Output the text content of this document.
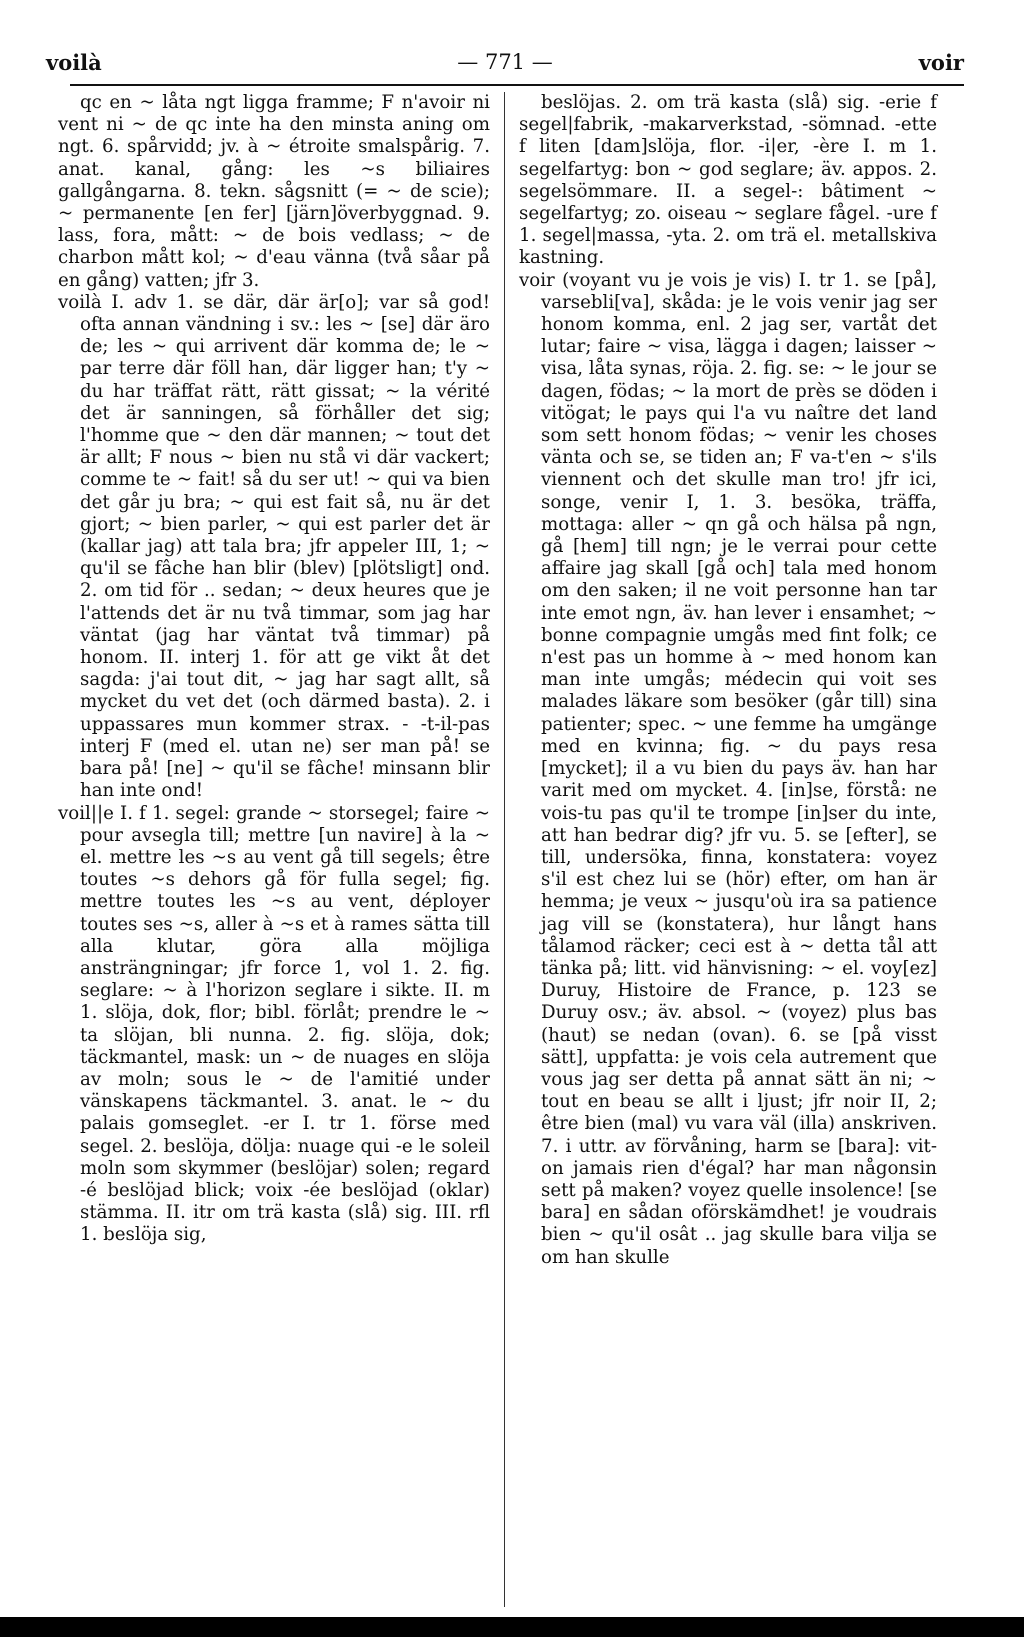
voilà	— 771 —	voir

qc en ~ låta ngt ligga framme; F n'avoir ni vent ni ~ de qc inte ha den minsta aning om ngt. 6. spårvidd; jv. à ~ étroite smalspårig. 7. anat. kanal, gång: les ~s biliaires gallgångarna. 8. tekn. sågsnitt (= ~ de scie); ~ permanente [en fer] [järn]överbyggnad. 9. lass, fora, mått: ~ de bois vedlass; ~ de charbon mått kol; ~ d'eau vänna (två såar på en gång) vatten; jfr 3.

voilà I. adv 1. se där, där är[o]; var så god! ofta annan vändning i sv.: les ~ [se] där äro de; les ~ qui arrivent där komma de; le ~ par terre där föll han, där ligger han; t'y ~ du har träffat rätt, rätt gissat; ~ la vérité det är sanningen, så förhåller det sig; l'homme que ~ den där mannen; ~ tout det är allt; F nous ~ bien nu stå vi där vackert; comme te ~ fait! så du ser ut! ~ qui va bien det går ju bra; ~ qui est fait så, nu är det gjort; ~ bien parler, ~ qui est parler det är (kallar jag) att tala bra; jfr appeler III, 1; ~ qu'il se fâche han blir (blev) [plötsligt] ond. 2. om tid för .. sedan; ~ deux heures que je l'attends det är nu två timmar, som jag har väntat (jag har väntat två timmar) på honom. II. interj 1. för att ge vikt åt det sagda: j'ai tout dit, ~ jag har sagt allt, så mycket du vet det (och därmed basta). 2. i uppassares mun kommer strax. - -t-il-pas interj F (med el. utan ne) ser man på! se bara på! [ne] ~ qu'il se fâche! minsann blir han inte ond!

voil||e I. f 1. segel: grande ~ storsegel; faire ~ pour avsegla till; mettre [un navire] à la ~ el. mettre les ~s au vent gå till segels; être toutes ~s dehors gå för fulla segel; fig. mettre toutes les ~s au vent, déployer toutes ses ~s, aller à ~s et à rames sätta till alla klutar, göra alla möjliga ansträngningar; jfr force 1, vol 1. 2. fig. seglare: ~ à l'horizon seglare i sikte. II. m 1. slöja, dok, flor; bibl. förlåt; prendre le ~ ta slöjan, bli nunna. 2. fig. slöja, dok; täckmantel, mask: un ~ de nuages en slöja av moln; sous le ~ de l'amitié under vänskapens täckmantel. 3. anat. le ~ du palais gomseglet. -er I. tr 1. förse med segel. 2. beslöja, dölja: nuage qui -e le soleil moln som skymmer (beslöjar) solen; regard -é beslöjad blick; voix -ée beslöjad (oklar) stämma. II. itr om trä kasta (slå) sig. III. rfl 1. beslöja sig,

beslöjas. 2. om trä kasta (slå) sig. -erie f segel|fabrik, -makarverkstad, -sömnad. -ette f liten [dam]slöja, flor. -i|er, -ère I. m 1. segelfartyg: bon ~ god seglare; äv. appos. 2. segelsömmare. II. a segel-: bâtiment ~ segelfartyg; zo. oiseau ~ seglare fågel. -ure f 1. segel|massa, -yta. 2. om trä el. metallskiva kastning.

voir (voyant vu je vois je vis) I. tr 1. se [på], varsebli[va], skåda: je le vois venir jag ser honom komma, enl. 2 jag ser, vartåt det lutar; faire ~ visa, lägga i dagen; laisser ~ visa, låta synas, röja. 2. fig. se: ~ le jour se dagen, födas; ~ la mort de près se döden i vitögat; le pays qui l'a vu naître det land som sett honom födas; ~ venir les choses vänta och se, se tiden an; F va-t'en ~ s'ils viennent och det skulle man tro! jfr ici, songe, venir I, 1. 3. besöka, träffa, mottaga: aller ~ qn gå och hälsa på ngn, gå [hem] till ngn; je le verrai pour cette affaire jag skall [gå och] tala med honom om den saken; il ne voit personne han tar inte emot ngn, äv. han lever i ensamhet; ~ bonne compagnie umgås med fint folk; ce n'est pas un homme à ~ med honom kan man inte umgås; médecin qui voit ses malades läkare som besöker (går till) sina patienter; spec. ~ une femme ha umgänge med en kvinna; fig. ~ du pays resa [mycket]; il a vu bien du pays äv. han har varit med om mycket. 4. [in]se, förstå: ne vois-tu pas qu'il te trompe [in]ser du inte, att han bedrar dig? jfr vu. 5. se [efter], se till, undersöka, finna, konstatera: voyez s'il est chez lui se (hör) efter, om han är hemma; je veux ~ jusqu'où ira sa patience jag vill se (konstatera), hur långt hans tålamod räcker; ceci est à ~ detta tål att tänka på; litt. vid hänvisning: ~ el. voy[ez] Duruy, Histoire de France, p. 123 se Duruy osv.; äv. absol. ~ (voyez) plus bas (haut) se nedan (ovan). 6. se [på visst sätt], uppfatta: je vois cela autrement que vous jag ser detta på annat sätt än ni; ~ tout en beau se allt i ljust; jfr noir II, 2; être bien (mal) vu vara väl (illa) anskriven. 7. i uttr. av förvåning, harm se [bara]: vit-on jamais rien d'égal? har man någonsin sett på maken? voyez quelle insolence! [se bara] en sådan oförskämdhet! je voudrais bien ~ qu'il osât .. jag skulle bara vilja se om han skulle
